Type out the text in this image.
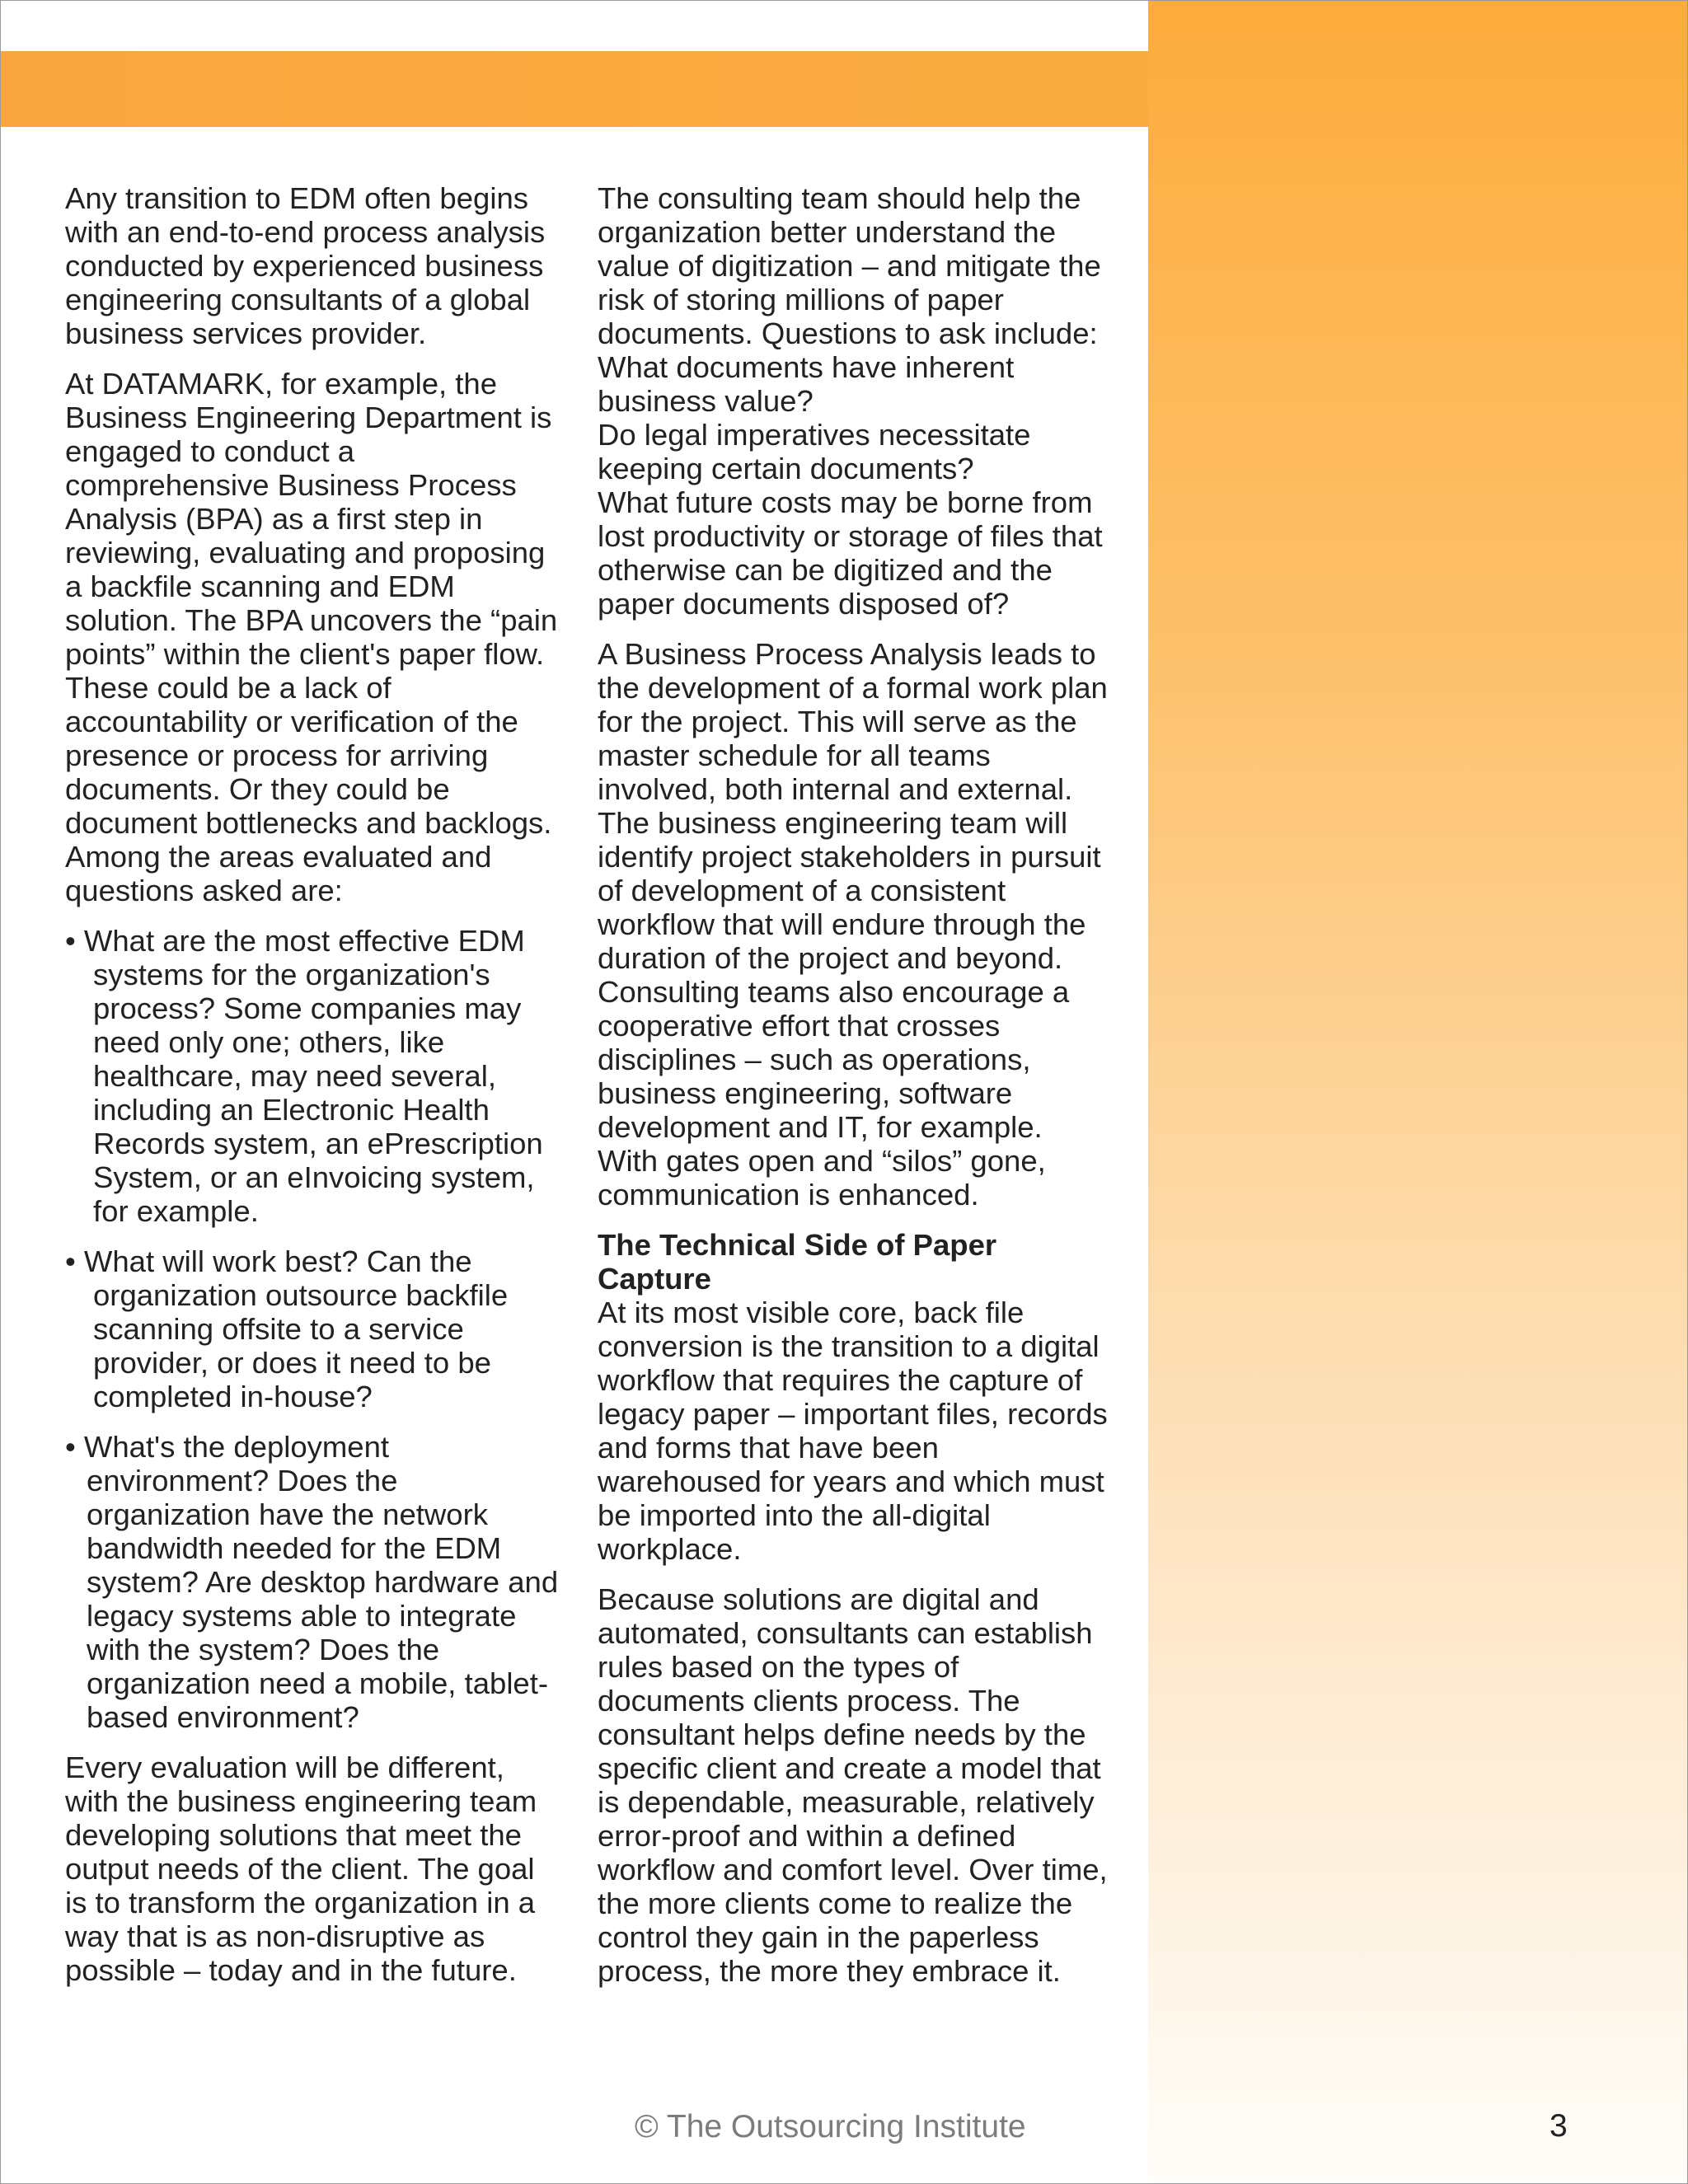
Any transition to EDM often begins with an end-to-end process analysis conducted by experienced business engineering consultants of a global business services provider.

At DATAMARK, for example, the Business Engineering Department is engaged to conduct a comprehensive Business Process Analysis (BPA) as a first step in reviewing, evaluating and proposing a backfile scanning and EDM solution. The BPA uncovers the “pain points” within the client's paper flow. These could be a lack of accountability or verification of the presence or process for arriving documents. Or they could be document bottlenecks and backlogs. Among the areas evaluated and questions asked are:

• What are the most effective EDM
systems for the organization's process? Some companies may need only one; others, like healthcare, may need several, including an Electronic Health Records system, an ePrescription System, or an eInvoicing system, for example.
• What will work best? Can the
organization outsource backfile scanning offsite to a service provider, or does it need to be completed in-house?
• What's the deployment
environment? Does the organization have the network bandwidth needed for the EDM system? Are desktop hardware and legacy systems able to integrate with the system? Does the organization need a mobile, tablet-based environment?

Every evaluation will be different, with the business engineering team developing solutions that meet the output needs of the client. The goal is to transform the organization in a way that is as non-disruptive as possible – today and in the future.

The consulting team should help the organization better understand the value of digitization – and mitigate the risk of storing millions of paper documents. Questions to ask include: What documents have inherent business value?
Do legal imperatives necessitate keeping certain documents?
What future costs may be borne from lost productivity or storage of files that otherwise can be digitized and the paper documents disposed of?

A Business Process Analysis leads to the development of a formal work plan for the project. This will serve as the master schedule for all teams involved, both internal and external. The business engineering team will identify project stakeholders in pursuit of development of a consistent workflow that will endure through the duration of the project and beyond. Consulting teams also encourage a cooperative effort that crosses disciplines – such as operations, business engineering, software development and IT, for example. With gates open and “silos” gone, communication is enhanced.

The Technical Side of Paper Capture
At its most visible core, back file conversion is the transition to a digital workflow that requires the capture of legacy paper – important files, records and forms that have been warehoused for years and which must be imported into the all-digital workplace.

Because solutions are digital and automated, consultants can establish rules based on the types of documents clients process. The consultant helps define needs by the specific client and create a model that is dependable, measurable, relatively error-proof and within a defined workflow and comfort level. Over time, the more clients come to realize the control they gain in the paperless process, the more they embrace it.

© The Outsourcing Institute	3
